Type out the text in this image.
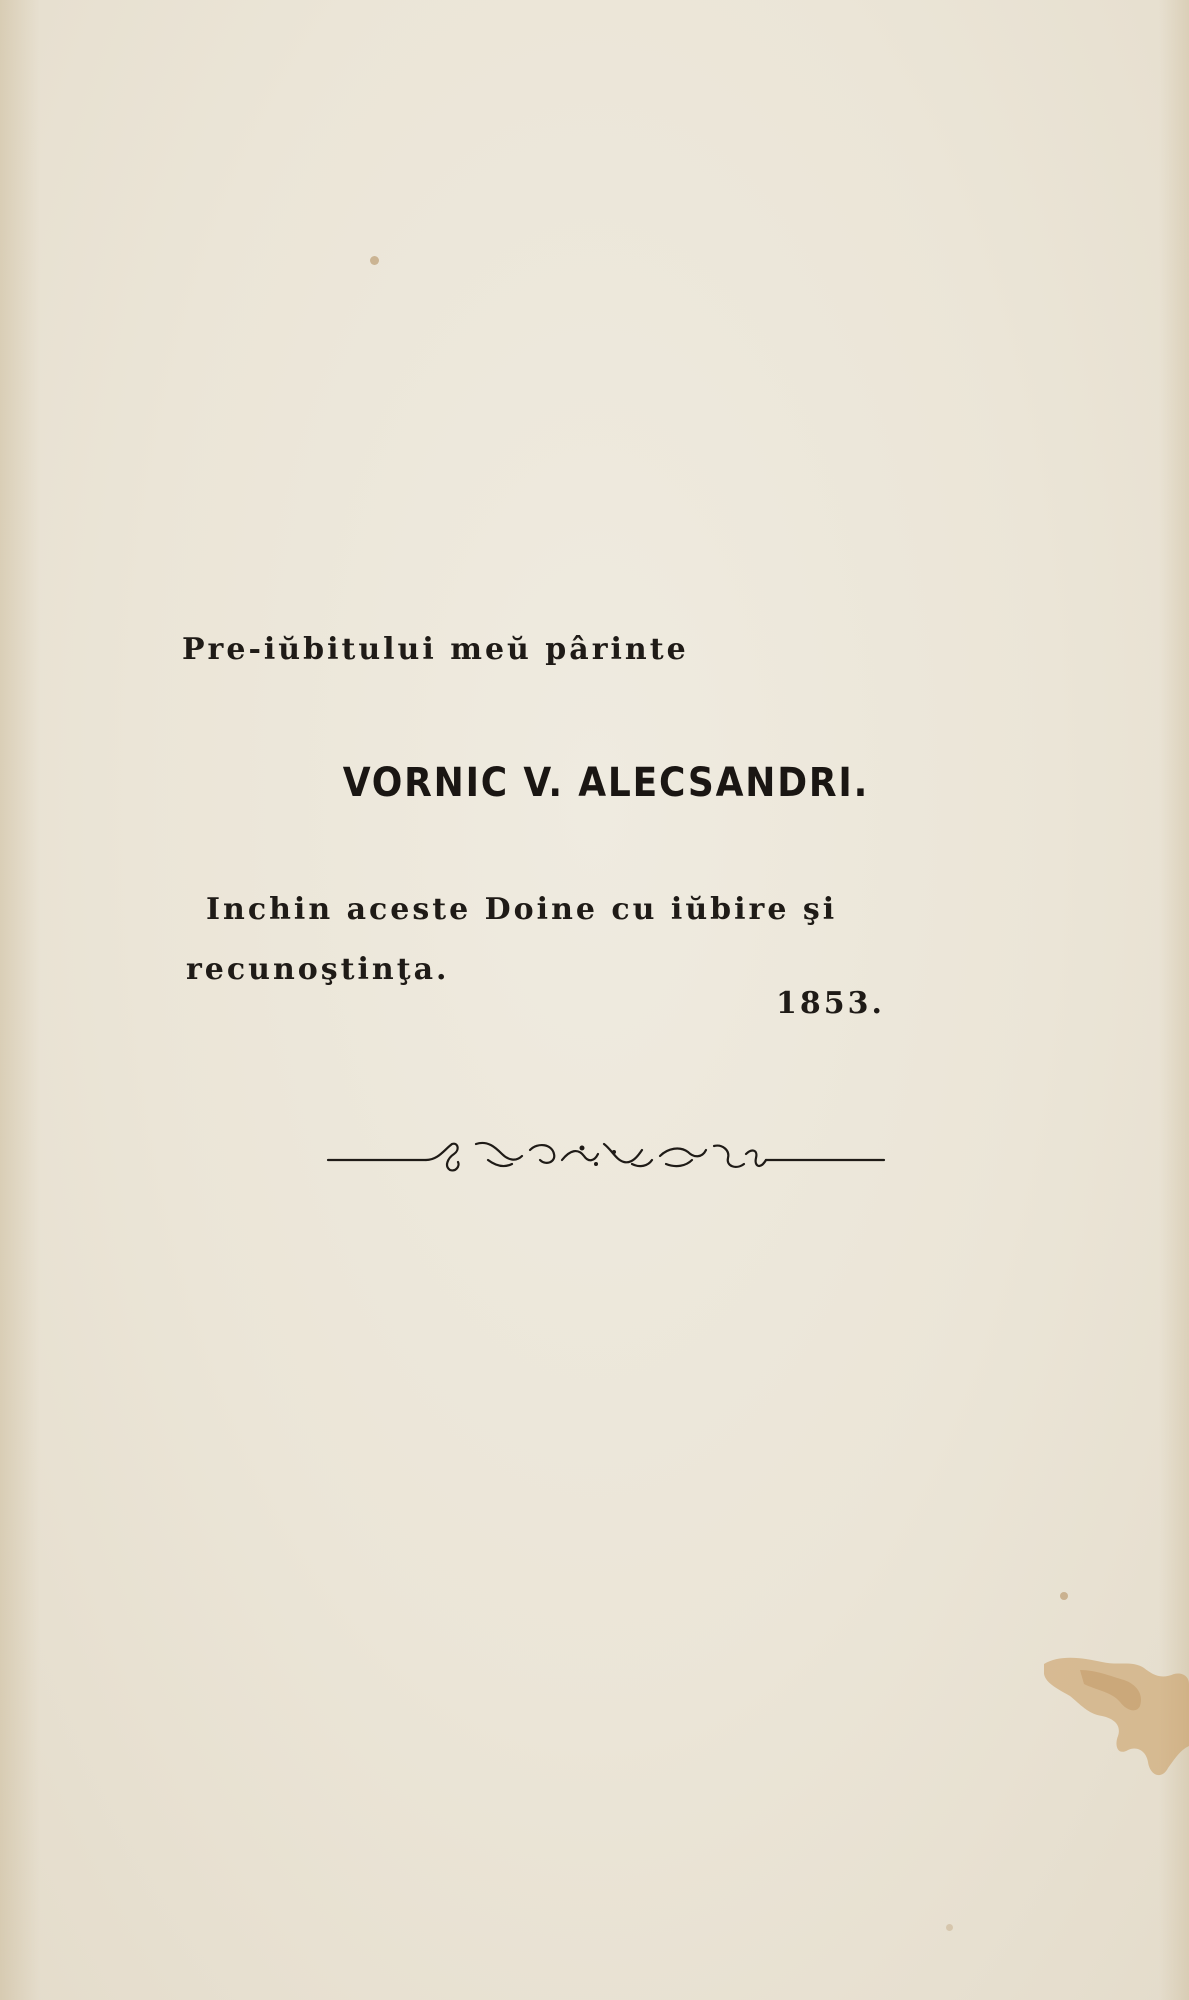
Pre-iŭbitului meŭ pârinte
VORNIC V. ALECSANDRI.
Inchin aceste Doine cu iŭbire şi
recunoştinţa.
1853.
